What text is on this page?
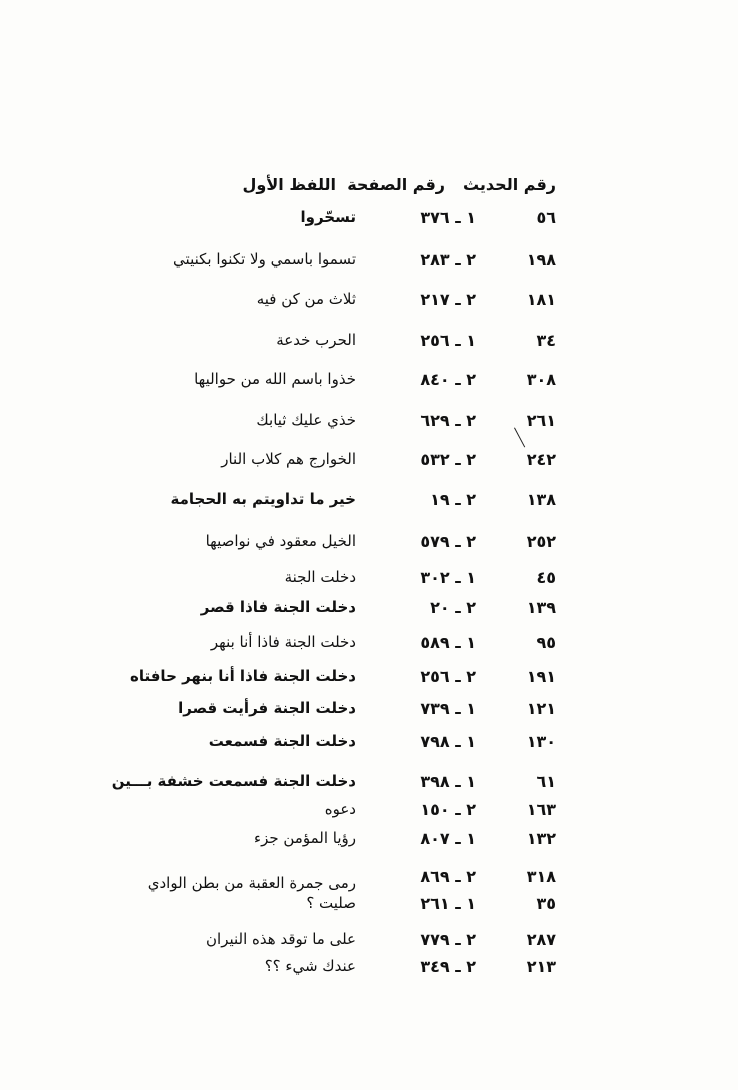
رقم الحديث
رقم الصفحة
اللفظ الأول
٥٦
١ ـ ٣٧٦
تسحّروا
١٩٨
٢ ـ ٢٨٣
تسموا باسمي ولا تكنوا بكنيتي
١٨١
٢ ـ ٢١٧
ثلاث من كن فيه
٣٤
١ ـ ٢٥٦
الحرب خدعة
٣٠٨
٢ ـ ٨٤٠
خذوا باسم الله من حواليها
٢٦١
٢ ـ ٦٢٩
خذي عليك ثيابك
٢٤٢
٢ ـ ٥٣٢
الخوارج هم كلاب النار
١٣٨
٢ ـ ١٩
خير ما تداويتم به الحجامة
٢٥٢
٢ ـ ٥٧٩
الخيل معقود في نواصيها
٤٥
١ ـ ٣٠٢
دخلت الجنة
١٣٩
٢ ـ ٢٠
دخلت الجنة فاذا قصر
٩٥
١ ـ ٥٨٩
دخلت الجنة فاذا أنا بنهر
١٩١
٢ ـ ٢٥٦
دخلت الجنة فاذا أنا بنهر حافتاه
١٢١
١ ـ ٧٣٩
دخلت الجنة فرأيت قصرا
١٣٠
١ ـ ٧٩٨
دخلت الجنة فسمعت
٦١
١ ـ ٣٩٨
دخلت الجنة فسمعت خشفة بـــين
١٦٣
٢ ـ ١٥٠
دعوه
١٣٢
١ ـ ٨٠٧
رؤيا المؤمن جزء
٣١٨
٢ ـ ٨٦٩
رمى جمرة العقبة من بطن الوادي
٣٥
١ ـ ٢٦١
صليت ؟
٢٨٧
٢ ـ ٧٧٩
على ما توقد هذه النيران
٢١٣
٢ ـ ٣٤٩
عندك شيء ؟؟
